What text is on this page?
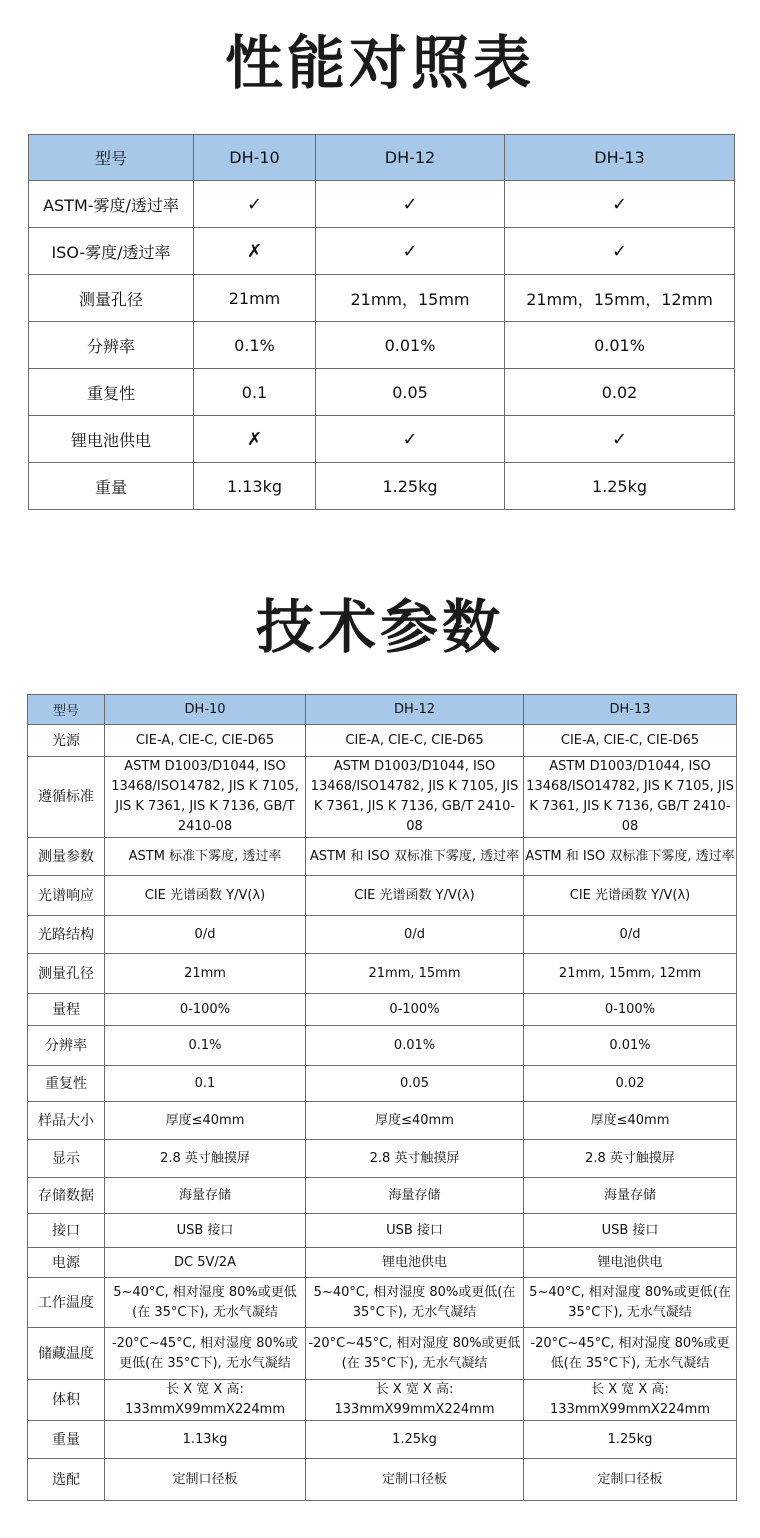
性能对照表
型号	DH-10	DH-12	DH-13
ASTM-雾度/透过率	✓	✓	✓
ISO-雾度/透过率	✗	✓	✓
测量孔径	21mm	21mm，15mm	21mm，15mm，12mm
分辨率	0.1%	0.01%	0.01%
重复性	0.1	0.05	0.02
锂电池供电	✗	✓	✓
重量	1.13kg	1.25kg	1.25kg
技术参数
型号	DH-10	DH-12	DH-13
光源	CIE-A, CIE-C, CIE-D65	CIE-A, CIE-C, CIE-D65	CIE-A, CIE-C, CIE-D65
遵循标准	ASTM D1003/D1044, ISO 13468/ISO14782, JIS K 7105, JIS K 7361, JIS K 7136, GB/T 2410-08	ASTM D1003/D1044, ISO 13468/ISO14782, JIS K 7105, JIS K 7361, JIS K 7136, GB/T 2410-08	ASTM D1003/D1044, ISO 13468/ISO14782, JIS K 7105, JIS K 7361, JIS K 7136, GB/T 2410-08
测量参数	ASTM 标准下雾度, 透过率	ASTM 和 ISO 双标准下雾度, 透过率	ASTM 和 ISO 双标准下雾度, 透过率
光谱响应	CIE 光谱函数 Y/V(λ)	CIE 光谱函数 Y/V(λ)	CIE 光谱函数 Y/V(λ)
光路结构	0/d	0/d	0/d
测量孔径	21mm	21mm, 15mm	21mm, 15mm, 12mm
量程	0-100%	0-100%	0-100%
分辨率	0.1%	0.01%	0.01%
重复性	0.1	0.05	0.02
样品大小	厚度≤40mm	厚度≤40mm	厚度≤40mm
显示	2.8 英寸触摸屏	2.8 英寸触摸屏	2.8 英寸触摸屏
存储数据	海量存储	海量存储	海量存储
接口	USB 接口	USB 接口	USB 接口
电源	DC 5V/2A	锂电池供电	锂电池供电
工作温度	5~40°C, 相对湿度 80%或更低(在 35°C下), 无水气凝结	5~40°C, 相对湿度 80%或更低(在 35°C下), 无水气凝结	5~40°C, 相对湿度 80%或更低(在 35°C下), 无水气凝结
储藏温度	-20°C~45°C, 相对湿度 80%或更低(在 35°C下), 无水气凝结	-20°C~45°C, 相对湿度 80%或更低(在 35°C下), 无水气凝结	-20°C~45°C, 相对湿度 80%或更低(在 35°C下), 无水气凝结
体积	长 X 宽 X 高: 133mmX99mmX224mm	长 X 宽 X 高: 133mmX99mmX224mm	长 X 宽 X 高: 133mmX99mmX224mm
重量	1.13kg	1.25kg	1.25kg
选配	定制口径板	定制口径板	定制口径板
